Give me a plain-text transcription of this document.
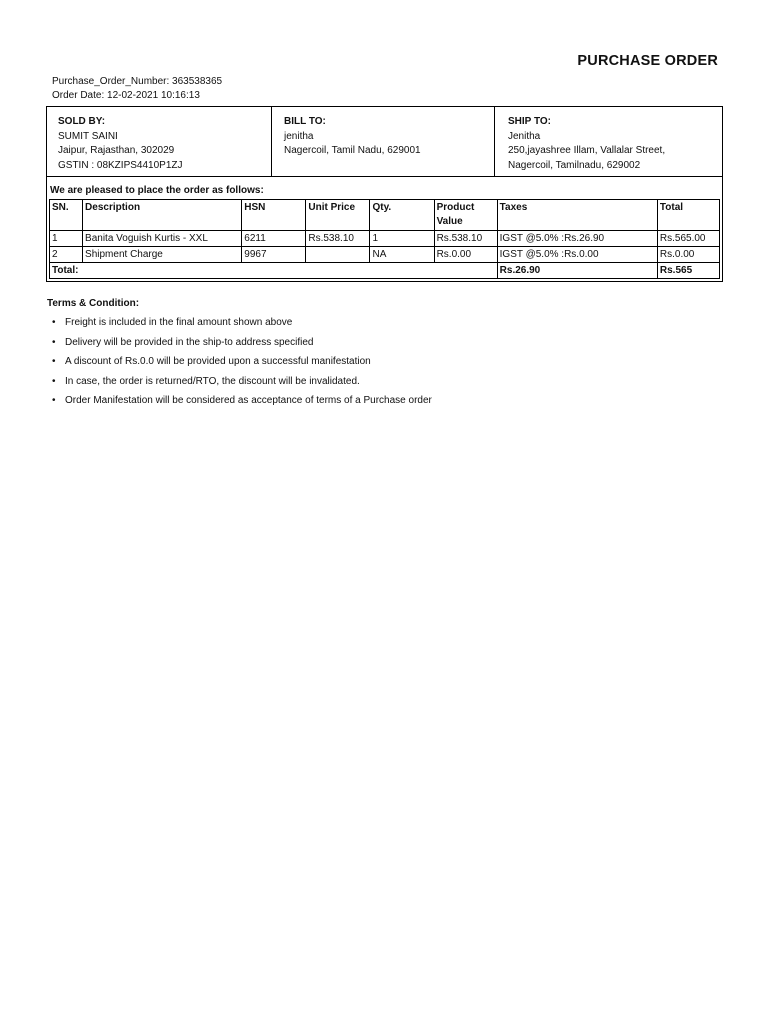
PURCHASE ORDER
Purchase_Order_Number: 363538365
Order Date: 12-02-2021 10:16:13
SOLD BY:
SUMIT SAINI
Jaipur, Rajasthan, 302029
GSTIN : 08KZIPS4410P1ZJ
BILL TO:
jenitha
Nagercoil, Tamil Nadu, 629001
SHIP TO:
Jenitha
250,jayashree Illam, Vallalar Street,
Nagercoil, Tamilnadu, 629002
We are pleased to place the order as follows:
SN.	Description	HSN	Unit Price	Qty.	Product Value	Taxes	Total
1	Banita Voguish Kurtis - XXL	6211	Rs.538.10	1	Rs.538.10	IGST @5.0% :Rs.26.90	Rs.565.00
2	Shipment Charge	9967		NA	Rs.0.00	IGST @5.0% :Rs.0.00	Rs.0.00
Total:						Rs.26.90	Rs.565
Terms & Condition:
• Freight is included in the final amount shown above
• Delivery will be provided in the ship-to address specified
• A discount of Rs.0.0 will be provided upon a successful manifestation
• In case, the order is returned/RTO, the discount will be invalidated.
• Order Manifestation will be considered as acceptance of terms of a Purchase order
